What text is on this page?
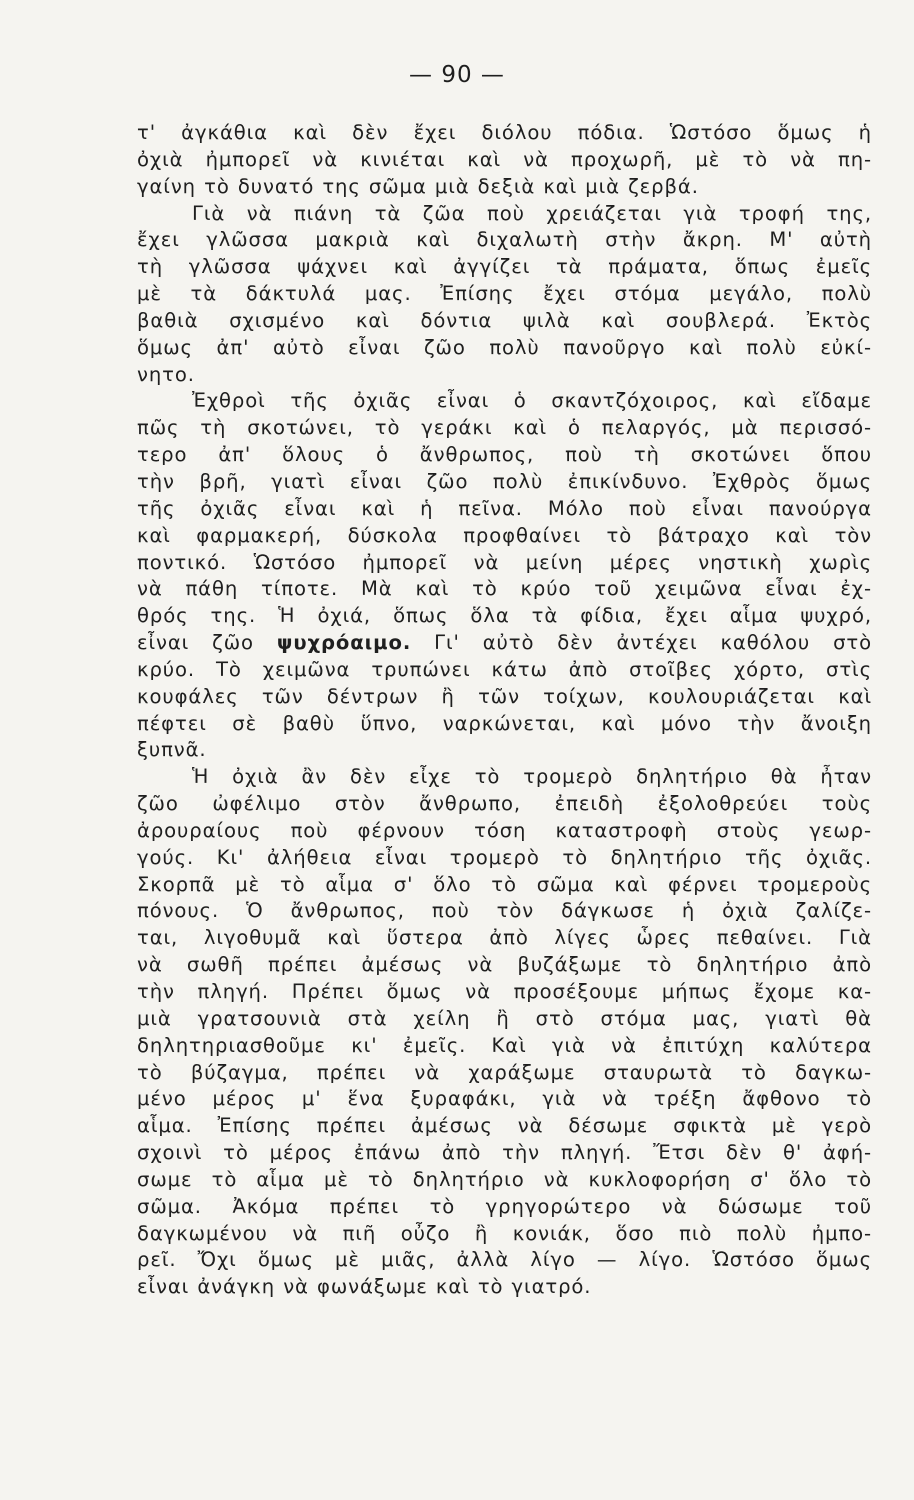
— 90 —
τ' ἀγκάθια καὶ δὲν ἔχει διόλου πόδια. Ὡστόσο ὅμως ἡ
ὀχιὰ ἠμπορεῖ νὰ κινιέται καὶ νὰ προχωρῆ, μὲ τὸ νὰ πη-
γαίνη τὸ δυνατό της σῶμα μιὰ δεξιὰ καὶ μιὰ ζερβά.
Γιὰ νὰ πιάνη τὰ ζῶα ποὺ χρειάζεται γιὰ τροφή της,
ἔχει γλῶσσα μακριὰ καὶ διχαλωτὴ στὴν ἄκρη. Μ' αὐτὴ
τὴ γλῶσσα ψάχνει καὶ ἀγγίζει τὰ πράματα, ὅπως ἐμεῖς
μὲ τὰ δάκτυλά μας. Ἐπίσης ἔχει στόμα μεγάλο, πολὺ
βαθιὰ σχισμένο καὶ δόντια ψιλὰ καὶ σουβλερά. Ἐκτὸς
ὅμως ἀπ' αὐτὸ εἶναι ζῶο πολὺ πανοῦργο καὶ πολὺ εὐκί-
νητο.
Ἐχθροὶ τῆς ὀχιᾶς εἶναι ὁ σκαντζόχοιρος, καὶ εἴδαμε
πῶς τὴ σκοτώνει, τὸ γεράκι καὶ ὁ πελαργός, μὰ περισσό-
τερο ἀπ' ὅλους ὁ ἄνθρωπος, ποὺ τὴ σκοτώνει ὅπου
τὴν βρῆ, γιατὶ εἶναι ζῶο πολὺ ἐπικίνδυνο. Ἐχθρὸς ὅμως
τῆς ὀχιᾶς εἶναι καὶ ἡ πεῖνα. Μόλο ποὺ εἶναι πανούργα
καὶ φαρμακερή, δύσκολα προφθαίνει τὸ βάτραχο καὶ τὸν
ποντικό. Ὡστόσο ἠμπορεῖ νὰ μείνη μέρες νηστικὴ χωρὶς
νὰ πάθη τίποτε. Μὰ καὶ τὸ κρύο τοῦ χειμῶνα εἶναι ἐχ-
θρός της. Ἡ ὀχιά, ὅπως ὅλα τὰ φίδια, ἔχει αἷμα ψυχρό,
εἶναι ζῶο ψυχρόαιμο. Γι' αὐτὸ δὲν ἀντέχει καθόλου στὸ
κρύο. Τὸ χειμῶνα τρυπώνει κάτω ἀπὸ στοῖβες χόρτο, στὶς
κουφάλες τῶν δέντρων ἢ τῶν τοίχων, κουλουριάζεται καὶ
πέφτει σὲ βαθὺ ὕπνο, ναρκώνεται, καὶ μόνο τὴν ἄνοιξη
ξυπνᾶ.
Ἡ ὀχιὰ ἂν δὲν εἶχε τὸ τρομερὸ δηλητήριο θὰ ἦταν
ζῶο ὠφέλιμο στὸν ἄνθρωπο, ἐπειδὴ ἐξολοθρεύει τοὺς
ἀρουραίους ποὺ φέρνουν τόση καταστροφὴ στοὺς γεωρ-
γούς. Κι' ἀλήθεια εἶναι τρομερὸ τὸ δηλητήριο τῆς ὀχιᾶς.
Σκορπᾶ μὲ τὸ αἷμα σ' ὅλο τὸ σῶμα καὶ φέρνει τρομεροὺς
πόνους. Ὁ ἄνθρωπος, ποὺ τὸν δάγκωσε ἡ ὀχιὰ ζαλίζε-
ται, λιγοθυμᾶ καὶ ὕστερα ἀπὸ λίγες ὧρες πεθαίνει. Γιὰ
νὰ σωθῆ πρέπει ἀμέσως νὰ βυζάξωμε τὸ δηλητήριο ἀπὸ
τὴν πληγή. Πρέπει ὅμως νὰ προσέξουμε μήπως ἔχομε κα-
μιὰ γρατσουνιὰ στὰ χείλη ἢ στὸ στόμα μας, γιατὶ θὰ
δηλητηριασθοῦμε κι' ἐμεῖς. Καὶ γιὰ νὰ ἐπιτύχη καλύτερα
τὸ βύζαγμα, πρέπει νὰ χαράξωμε σταυρωτὰ τὸ δαγκω-
μένο μέρος μ' ἕνα ξυραφάκι, γιὰ νὰ τρέξη ἄφθονο τὸ
αἷμα. Ἐπίσης πρέπει ἀμέσως νὰ δέσωμε σφικτὰ μὲ γερὸ
σχοινὶ τὸ μέρος ἐπάνω ἀπὸ τὴν πληγή. Ἔτσι δὲν θ' ἀφή-
σωμε τὸ αἷμα μὲ τὸ δηλητήριο νὰ κυκλοφορήση σ' ὅλο τὸ
σῶμα. Ἀκόμα πρέπει τὸ γρηγορώτερο νὰ δώσωμε τοῦ
δαγκωμένου νὰ πιῆ οὖζο ἢ κονιάκ, ὅσο πιὸ πολὺ ἠμπο-
ρεῖ. Ὄχι ὅμως μὲ μιᾶς, ἀλλὰ λίγο — λίγο. Ὡστόσο ὅμως
εἶναι ἀνάγκη νὰ φωνάξωμε καὶ τὸ γιατρό.
